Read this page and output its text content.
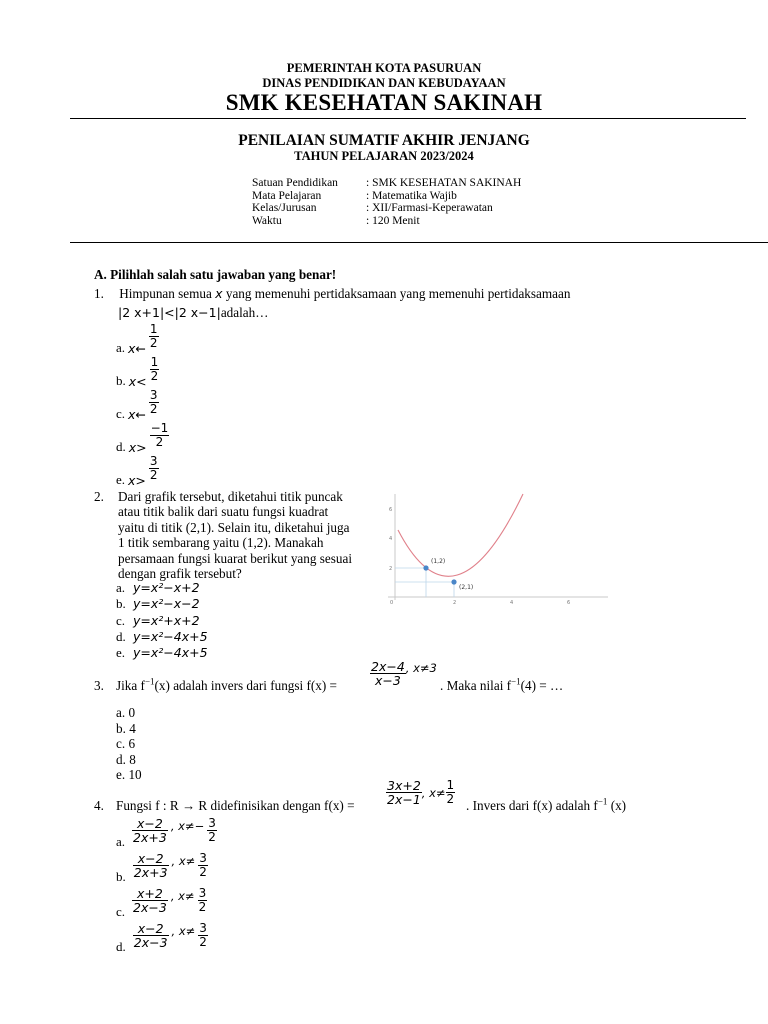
PEMERINTAH KOTA PASURUAN
DINAS PENDIDIKAN DAN KEBUDAYAAN
SMK KESEHATAN SAKINAH
PENILAIAN SUMATIF AKHIR JENJANG
TAHUN PELAJARAN 2023/2024
Satuan Pendidikan	: SMK KESEHATAN SAKINAH
Mata Pelajaran	: Matematika Wajib
Kelas/Jurusan	: XII/Farmasi-Keperawatan
Waktu	: 120 Menit
A. Pilihlah salah satu jawaban yang benar!
1. Himpunan semua x yang memenuhi pertidaksamaan yang memenuhi pertidaksamaan
|2 x+1|<|2 x−1|adalah…
a. x← $\frac{1}{2}$
b. $x< \frac{1}{2}$
c. x← $\frac{3}{2}$
d. $x> \frac{-1}{2}$
e. $x> \frac{3}{2}$
2.	Dari grafik tersebut, diketahui titik puncak
atau titik balik dari suatu fungsi kuadrat
yaitu di titik (2,1). Selain itu, diketahui juga
1 titik sembarang yaitu (1,2). Manakah
persamaan fungsi kuarat berikut yang sesuai
dengan grafik tersebut?
a. y=x²−x+2
b. y=x²−x−2
c. y=x²+x+2
d. y=x²−4x+5
e. y=x²−4x+5
(1,2)
(2,1)
0	2	4	6
6
4
2
3. Jika $f^{-1}(x)$ adalah invers dari fungsi f(x) =	$\frac{2x-4}{x-3}$ , x≠3
. Maka nilai $f^{-1}(4)$ = …
a. 0
b. 4
c. 6
d. 8
e. 10
4. Fungsi f : R → R didefinisikan dengan f(x) =	$\frac{3x+2}{2x-1}$ , $x\ne \frac{1}{2}$ . Invers dari f(x) adalah $f^{-1}$ (x)
a. $\frac{x-2}{2x+3}$ , $x\ne- \frac{3}{2}$
b. $\frac{x-2}{2x+3}$ , $x\ne \frac{3}{2}$
c. $\frac{x+2}{2x-3}$ , $x\ne \frac{3}{2}$
d. $\frac{x-2}{2x-3}$ , $x\ne \frac{3}{2}$
